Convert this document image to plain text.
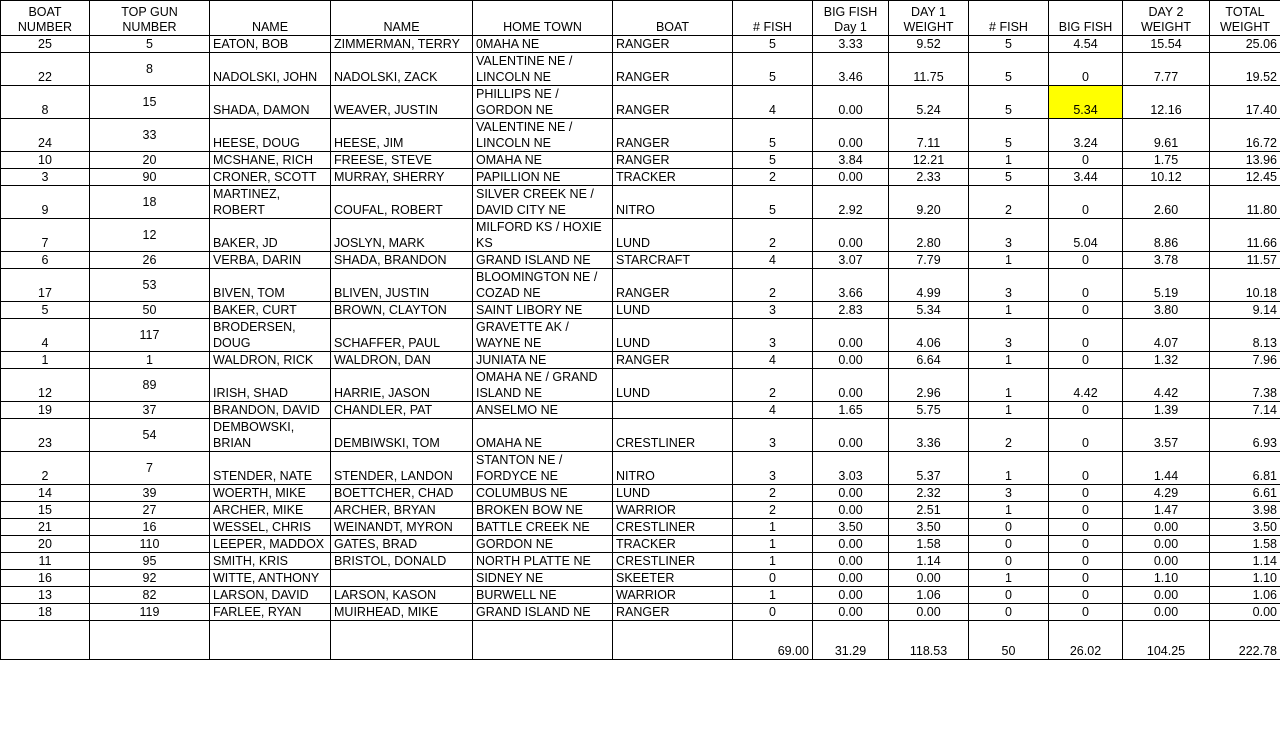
BOAT NUMBER	TOP GUN NUMBER	NAME	NAME	HOME TOWN	BOAT	# FISH	BIG FISH Day 1	DAY 1 WEIGHT	# FISH	BIG FISH	DAY 2 WEIGHT	TOTAL WEIGHT
25	5	EATON, BOB	ZIMMERMAN, TERRY	0MAHA NE	RANGER	5	3.33	9.52	5	4.54	15.54	25.06
22	8	NADOLSKI, JOHN	NADOLSKI, ZACK	VALENTINE NE / LINCOLN NE	RANGER	5	3.46	11.75	5	0	7.77	19.52
8	15	SHADA, DAMON	WEAVER, JUSTIN	PHILLIPS NE / GORDON NE	RANGER	4	0.00	5.24	5	5.34	12.16	17.40
24	33	HEESE, DOUG	HEESE, JIM	VALENTINE NE / LINCOLN NE	RANGER	5	0.00	7.11	5	3.24	9.61	16.72
10	20	MCSHANE, RICH	FREESE, STEVE	OMAHA NE	RANGER	5	3.84	12.21	1	0	1.75	13.96
3	90	CRONER, SCOTT	MURRAY, SHERRY	PAPILLION NE	TRACKER	2	0.00	2.33	5	3.44	10.12	12.45
9	18	MARTINEZ, ROBERT	COUFAL, ROBERT	SILVER CREEK NE / DAVID CITY NE	NITRO	5	2.92	9.20	2	0	2.60	11.80
7	12	BAKER, JD	JOSLYN, MARK	MILFORD KS / HOXIE KS	LUND	2	0.00	2.80	3	5.04	8.86	11.66
6	26	VERBA, DARIN	SHADA, BRANDON	GRAND ISLAND NE	STARCRAFT	4	3.07	7.79	1	0	3.78	11.57
17	53	BIVEN, TOM	BLIVEN, JUSTIN	BLOOMINGTON NE / COZAD NE	RANGER	2	3.66	4.99	3	0	5.19	10.18
5	50	BAKER, CURT	BROWN, CLAYTON	SAINT LIBORY NE	LUND	3	2.83	5.34	1	0	3.80	9.14
4	117	BRODERSEN, DOUG	SCHAFFER, PAUL	GRAVETTE AK / WAYNE NE	LUND	3	0.00	4.06	3	0	4.07	8.13
1	1	WALDRON, RICK	WALDRON, DAN	JUNIATA NE	RANGER	4	0.00	6.64	1	0	1.32	7.96
12	89	IRISH, SHAD	HARRIE, JASON	OMAHA NE / GRAND ISLAND NE	LUND	2	0.00	2.96	1	4.42	4.42	7.38
19	37	BRANDON, DAVID	CHANDLER, PAT	ANSELMO NE		4	1.65	5.75	1	0	1.39	7.14
23	54	DEMBOWSKI, BRIAN	DEMBIWSKI, TOM	OMAHA NE	CRESTLINER	3	0.00	3.36	2	0	3.57	6.93
2	7	STENDER, NATE	STENDER, LANDON	STANTON NE / FORDYCE NE	NITRO	3	3.03	5.37	1	0	1.44	6.81
14	39	WOERTH, MIKE	BOETTCHER, CHAD	COLUMBUS NE	LUND	2	0.00	2.32	3	0	4.29	6.61
15	27	ARCHER, MIKE	ARCHER, BRYAN	BROKEN BOW NE	WARRIOR	2	0.00	2.51	1	0	1.47	3.98
21	16	WESSEL, CHRIS	WEINANDT, MYRON	BATTLE CREEK NE	CRESTLINER	1	3.50	3.50	0	0	0.00	3.50
20	110	LEEPER, MADDOX	GATES, BRAD	GORDON NE	TRACKER	1	0.00	1.58	0	0	0.00	1.58
11	95	SMITH, KRIS	BRISTOL, DONALD	NORTH PLATTE NE	CRESTLINER	1	0.00	1.14	0	0	0.00	1.14
16	92	WITTE, ANTHONY		SIDNEY NE	SKEETER	0	0.00	0.00	1	0	1.10	1.10
13	82	LARSON, DAVID	LARSON, KASON	BURWELL NE	WARRIOR	1	0.00	1.06	0	0	0.00	1.06
18	119	FARLEE, RYAN	MUIRHEAD, MIKE	GRAND ISLAND NE	RANGER	0	0.00	0.00	0	0	0.00	0.00
						69.00	31.29	118.53	50	26.02	104.25	222.78
